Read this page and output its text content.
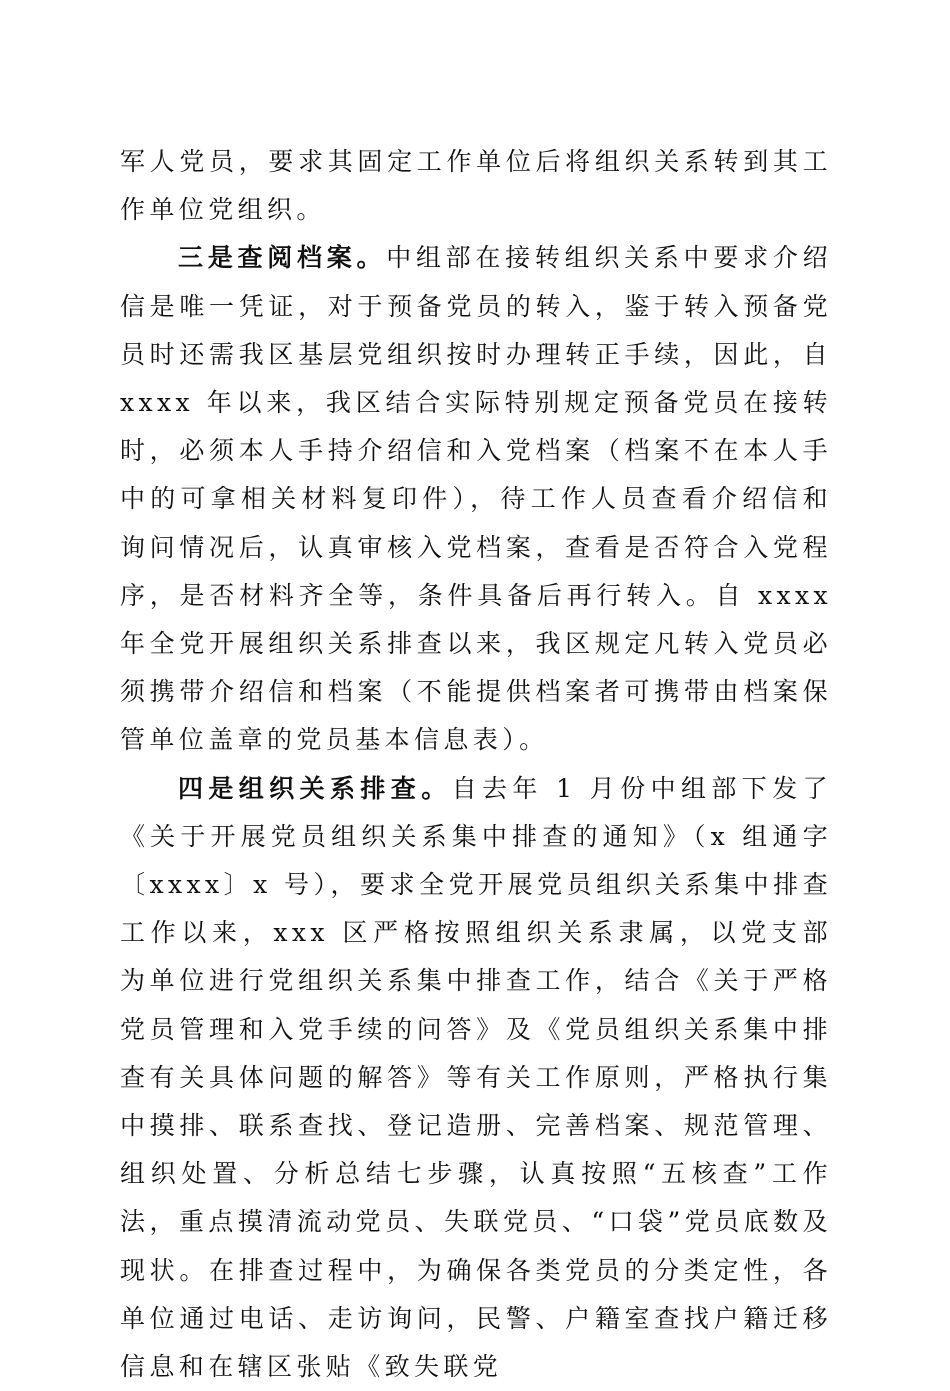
军人党员，要求其固定工作单位后将组织关系转到其工作单位党组织。

三是查阅档案。中组部在接转组织关系中要求介绍信是唯一凭证，对于预备党员的转入，鉴于转入预备党员时还需我区基层党组织按时办理转正手续，因此，自 xxxx 年以来，我区结合实际特别规定预备党员在接转时，必须本人手持介绍信和入党档案（档案不在本人手中的可拿相关材料复印件），待工作人员查看介绍信和询问情况后，认真审核入党档案，查看是否符合入党程序，是否材料齐全等，条件具备后再行转入。自 xxxx 年全党开展组织关系排查以来，我区规定凡转入党员必须携带介绍信和档案（不能提供档案者可携带由档案保管单位盖章的党员基本信息表）。

四是组织关系排查。自去年 1 月份中组部下发了《关于开展党员组织关系集中排查的通知》（x 组通字〔xxxx〕x 号），要求全党开展党员组织关系集中排查工作以来，xxx 区严格按照组织关系隶属，以党支部为单位进行党组织关系集中排查工作，结合《关于严格党员管理和入党手续的问答》及《党员组织关系集中排查有关具体问题的解答》等有关工作原则，严格执行集中摸排、联系查找、登记造册、完善档案、规范管理、组织处置、分析总结七步骤，认真按照“五核查”工作法，重点摸清流动党员、失联党员、“口袋”党员底数及现状。在排查过程中，为确保各类党员的分类定性，各单位通过电话、走访询问，民警、户籍室查找户籍迁移信息和在辖区张贴《致失联党
